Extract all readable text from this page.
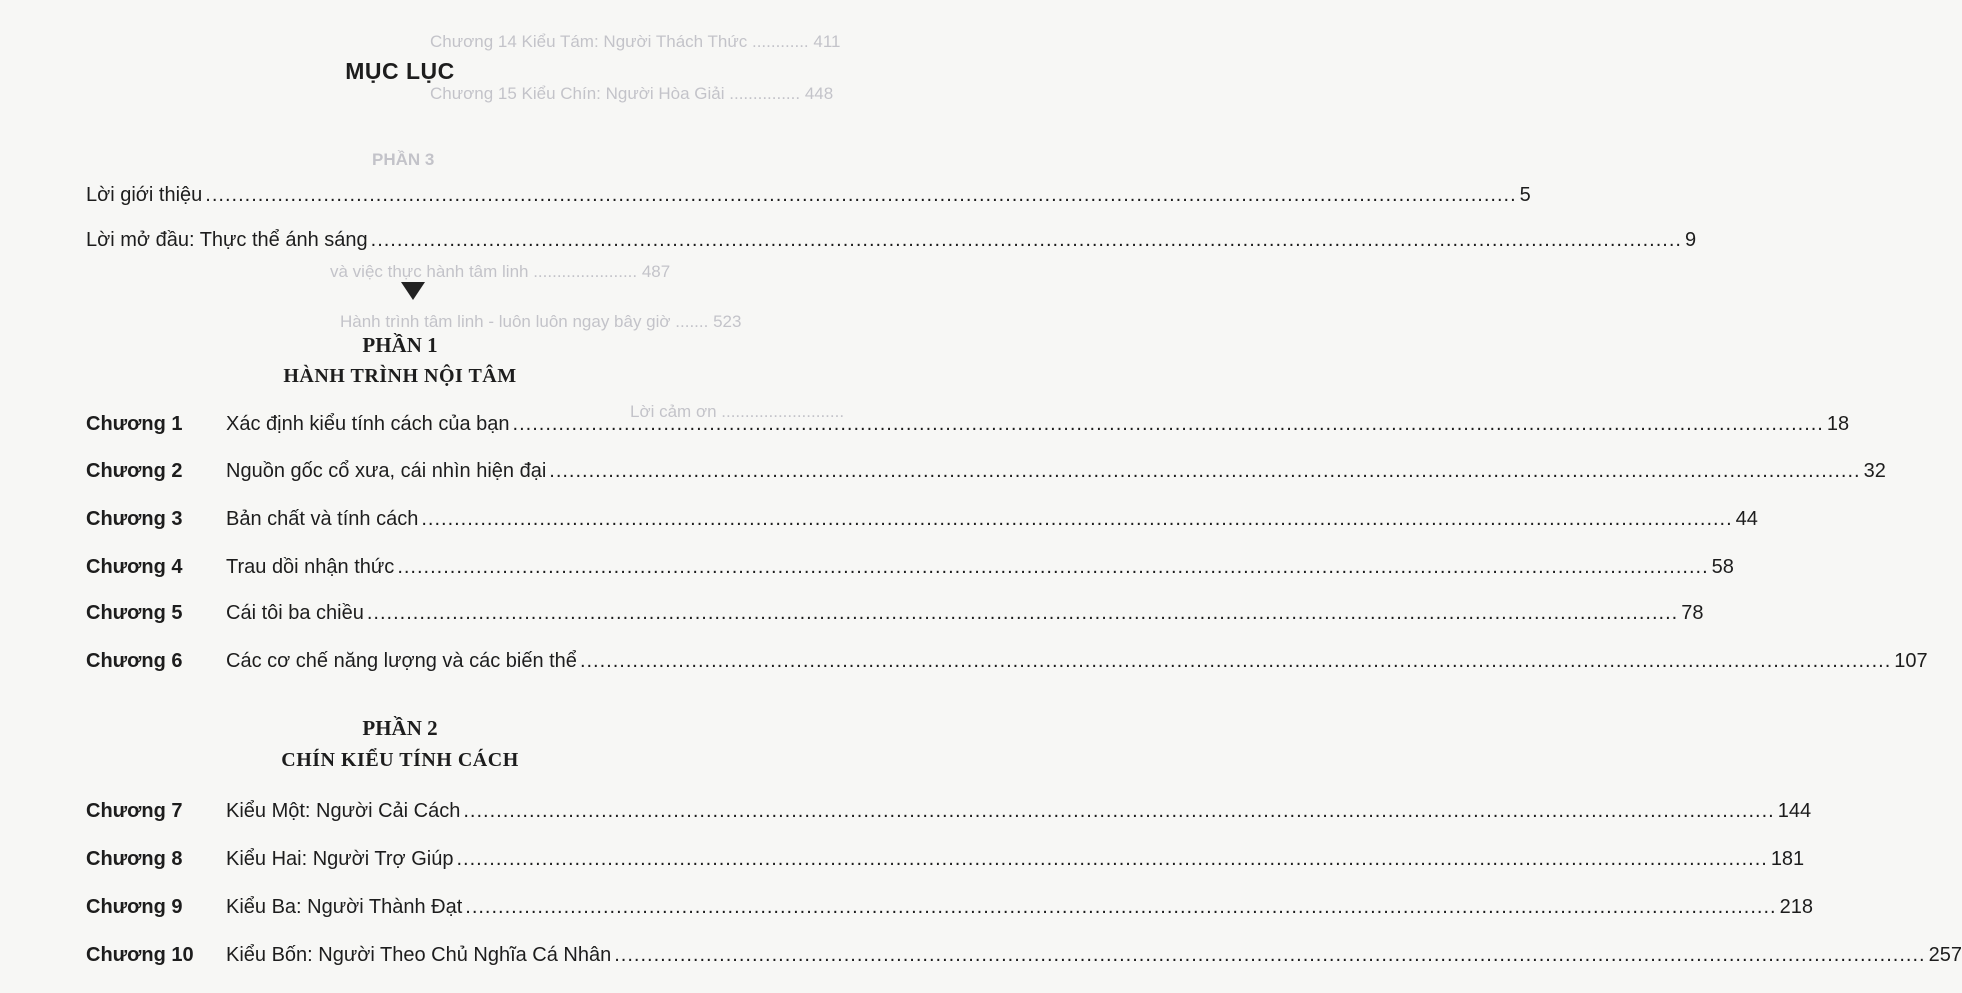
Chương 14 Kiểu Tám: Người Thách Thức ............ 411
Chương 15 Kiểu Chín: Người Hòa Giải ............... 448
PHẦN 3
Hành trình tâm linh - luôn luôn ngay bây giờ ....... 523
Lời cảm ơn ..........................
và việc thực hành tâm linh ...................... 487
MỤC LỤC
Lời giới thiệu .....	5
Lời mở đầu: Thực thể ánh sáng .....	9
PHẦN 1
HÀNH TRÌNH NỘI TÂM
Chương 1 Xác định kiểu tính cách của bạn .....	18
Chương 2 Nguồn gốc cổ xưa, cái nhìn hiện đại .....	32
Chương 3 Bản chất và tính cách .....	44
Chương 4 Trau dồi nhận thức .....	58
Chương 5 Cái tôi ba chiều .....	78
Chương 6 Các cơ chế năng lượng và các biến thể .....	107
PHẦN 2
CHÍN KIỂU TÍNH CÁCH
Chương 7 Kiểu Một: Người Cải Cách .....	144
Chương 8 Kiểu Hai: Người Trợ Giúp .....	181
Chương 9 Kiểu Ba: Người Thành Đạt .....	218
Chương 10 Kiểu Bốn: Người Theo Chủ Nghĩa Cá Nhân .....	257
